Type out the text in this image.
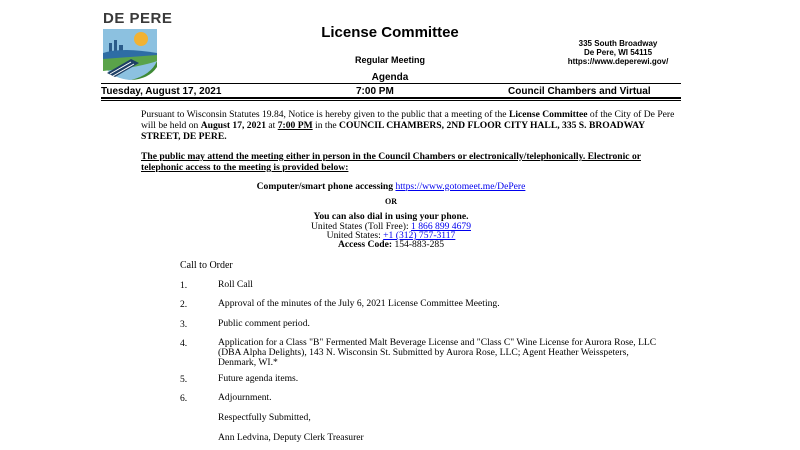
DE PERE
License Committee
335 South Broadway
De Pere, WI 54115
https://www.deperewi.gov/
Regular Meeting
Agenda
Tuesday, August 17, 2021	7:00 PM	Council Chambers and Virtual
Pursuant to Wisconsin Statutes 19.84, Notice is hereby given to the public that a meeting of the License Committee of the City of De Pere will be held on August 17, 2021 at 7:00 PM in the COUNCIL CHAMBERS, 2ND FLOOR CITY HALL, 335 S. BROADWAY STREET, DE PERE.
The public may attend the meeting either in person in the Council Chambers or electronically/telephonically. Electronic or telephonic access to the meeting is provided below:
Computer/smart phone accessing https://www.gotomeet.me/DePere
OR
You can also dial in using your phone.
United States (Toll Free): 1 866 899 4679
United States: +1 (312) 757-3117
Access Code: 154-883-285
Call to Order
1.	Roll Call
2.	Approval of the minutes of the July 6, 2021 License Committee Meeting.
3.	Public comment period.
4.	Application for a Class "B" Fermented Malt Beverage License and "Class C" Wine License for Aurora Rose, LLC (DBA Alpha Delights), 143 N. Wisconsin St. Submitted by Aurora Rose, LLC; Agent Heather Weisspeters, Denmark, WI.*
5.	Future agenda items.
6.	Adjournment.
Respectfully Submitted,
Ann Ledvina, Deputy Clerk Treasurer
